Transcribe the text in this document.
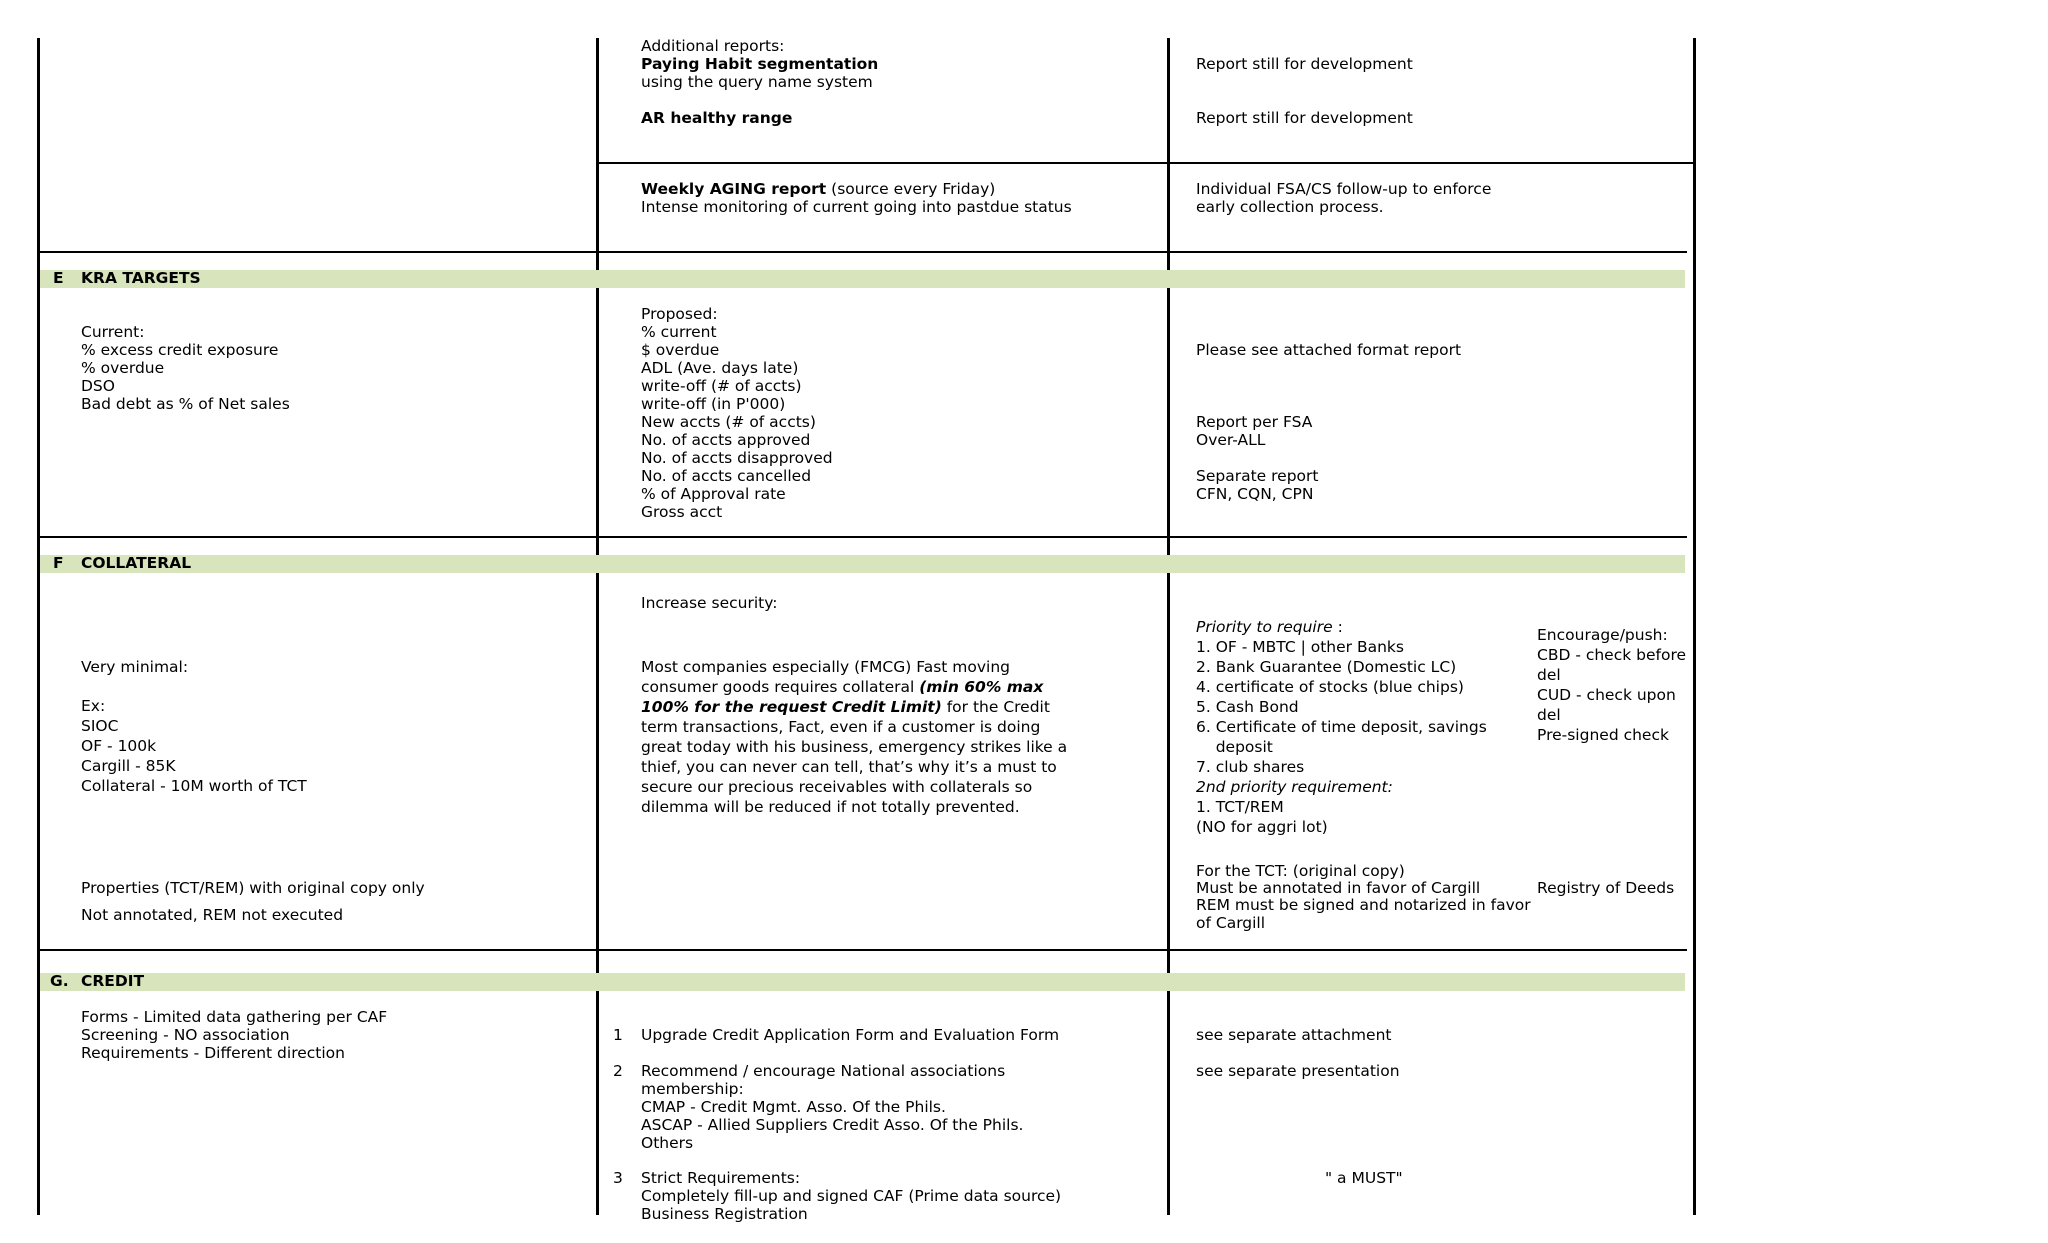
Additional reports:
Paying Habit segmentation
using the query name system
AR healthy range
Weekly AGING report (source every Friday)
Intense monitoring of current going into pastdue status
Report still for development
Report still for development
Individual FSA/CS follow-up to enforce
early collection process.
E KRA TARGETS
Current:
% excess credit exposure
% overdue
DSO
Bad debt as % of Net sales
Proposed:
% current
$ overdue
ADL (Ave. days late)
write-off (# of accts)
write-off (in P'000)
New accts (# of accts)
No. of accts approved
No. of accts disapproved
No. of accts cancelled
% of Approval rate
Gross acct
Please see attached format report
Report per FSA
Over-ALL
Separate report
CFN, CQN, CPN
F COLLATERAL
Very minimal:
Ex:
SIOC
OF - 100k
Cargill - 85K
Collateral - 10M worth of TCT
Properties (TCT/REM) with original copy only
Not annotated, REM not executed
Increase security:
Most companies especially (FMCG) Fast moving
consumer goods requires collateral (min 60% max
100% for the request Credit Limit) for the Credit
term transactions, Fact, even if a customer is doing
great today with his business, emergency strikes like a
thief, you can never can tell, that’s why it’s a must to
secure our precious receivables with collaterals so
dilemma will be reduced if not totally prevented.
Priority to require :
1. OF - MBTC | other Banks
2. Bank Guarantee (Domestic LC)
4. certificate of stocks (blue chips)
5. Cash Bond
6. Certificate of time deposit, savings
deposit
7. club shares
2nd priority requirement:
1. TCT/REM
(NO for aggri lot)
For the TCT: (original copy)
Must be annotated in favor of Cargill
REM must be signed and notarized in favor
of Cargill
Encourage/push:
CBD - check before
del
CUD - check upon
del
Pre-signed check
Registry of Deeds
G. CREDIT
Forms - Limited data gathering per CAF
Screening - NO association
Requirements - Different direction
1 Upgrade Credit Application Form and Evaluation Form
2 Recommend / encourage National associations
membership:
CMAP - Credit Mgmt. Asso. Of the Phils.
ASCAP - Allied Suppliers Credit Asso. Of the Phils.
Others
3 Strict Requirements:
Completely fill-up and signed CAF (Prime data source)
Business Registration
see separate attachment
see separate presentation
" a MUST"
